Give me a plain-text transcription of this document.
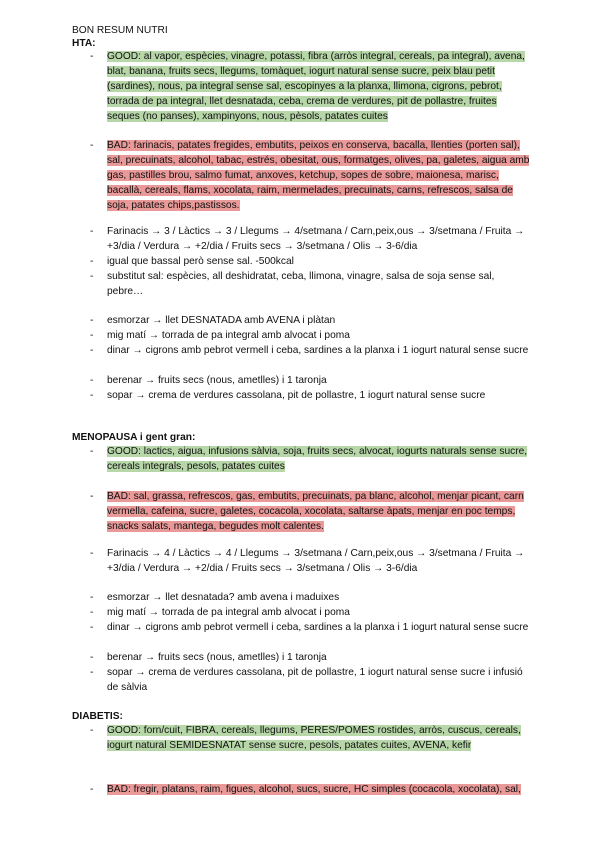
BON RESUM NUTRI
HTA:
- GOOD: al vapor, espècies, vinagre, potassi, fibra (arròs integral, cereals, pa integral), avena, blat, banana, fruits secs, llegums, tomàquet, iogurt natural sense sucre, peix blau petit (sardines), nous, pa integral sense sal, escopinyes a la planxa, llimona, cigrons, pebrot, torrada de pa integral, llet desnatada, ceba, crema de verdures, pit de pollastre, fruites seques (no panses), xampinyons, nous, pèsols, patates cuites
- BAD: farinacis, patates fregides, embutits, peixos en conserva, bacalla, llenties (porten sal), sal, precuinats, alcohol, tabac, estrés, obesitat, ous, formatges, olives, pa, galetes, aigua amb gas, pastilles brou, salmo fumat, anxoves, ketchup, sopes de sobre, maionesa, marisc, bacallà, cereals, flams, xocolata, raim, mermelades, precuinats, carns, refrescos, salsa de soja, patates chips,pastissos.
- Farinacis → 3 / Làctics → 3 / Llegums → 4/setmana / Carn,peix,ous → 3/setmana / Fruita → +3/dia / Verdura → +2/dia / Fruits secs → 3/setmana / Olis → 3-6/dia
- igual que bassal però sense sal. -500kcal
- substitut sal: espècies, all deshidratat, ceba, llimona, vinagre, salsa de soja sense sal, pebre…
- esmorzar → llet DESNATADA amb AVENA i plàtan
- mig matí → torrada de pa integral amb alvocat i poma
- dinar → cigrons amb pebrot vermell i ceba, sardines a la planxa i 1 iogurt natural sense sucre
- berenar → fruits secs (nous, ametlles) i 1 taronja
- sopar → crema de verdures cassolana, pit de pollastre, 1 iogurt natural sense sucre
MENOPAUSA i gent gran:
- GOOD: lactics, aigua, infusions sàlvia, soja, fruits secs, alvocat, iogurts naturals sense sucre, cereals integrals, pesols, patates cuites
- BAD: sal, grassa, refrescos, gas, embutits, precuinats, pa blanc, alcohol, menjar picant, carn vermella, cafeina, sucre, galetes, cocacola, xocolata, saltarse àpats, menjar en poc temps, snacks salats, mantega, begudes molt calentes.
- Farinacis → 4 / Làctics → 4 / Llegums → 3/setmana / Carn,peix,ous → 3/setmana / Fruita → +3/dia / Verdura → +2/dia / Fruits secs → 3/setmana / Olis → 3-6/dia
- esmorzar → llet desnatada? amb avena i maduixes
- mig matí → torrada de pa integral amb alvocat i poma
- dinar → cigrons amb pebrot vermell i ceba, sardines a la planxa i 1 iogurt natural sense sucre
- berenar → fruits secs (nous, ametlles) i 1 taronja
- sopar → crema de verdures cassolana, pit de pollastre, 1 iogurt natural sense sucre i infusió de sàlvia
DIABETIS:
- GOOD: forn/cuit, FIBRA, cereals, llegums, PERES/POMES rostides, arròs, cuscus, cereals, iogurt natural SEMIDESNATAT sense sucre, pesols, patates cuites, AVENA, kefir
- BAD: fregir, platans, raim, figues, alcohol, sucs, sucre, HC simples (cocacola, xocolata), sal,
